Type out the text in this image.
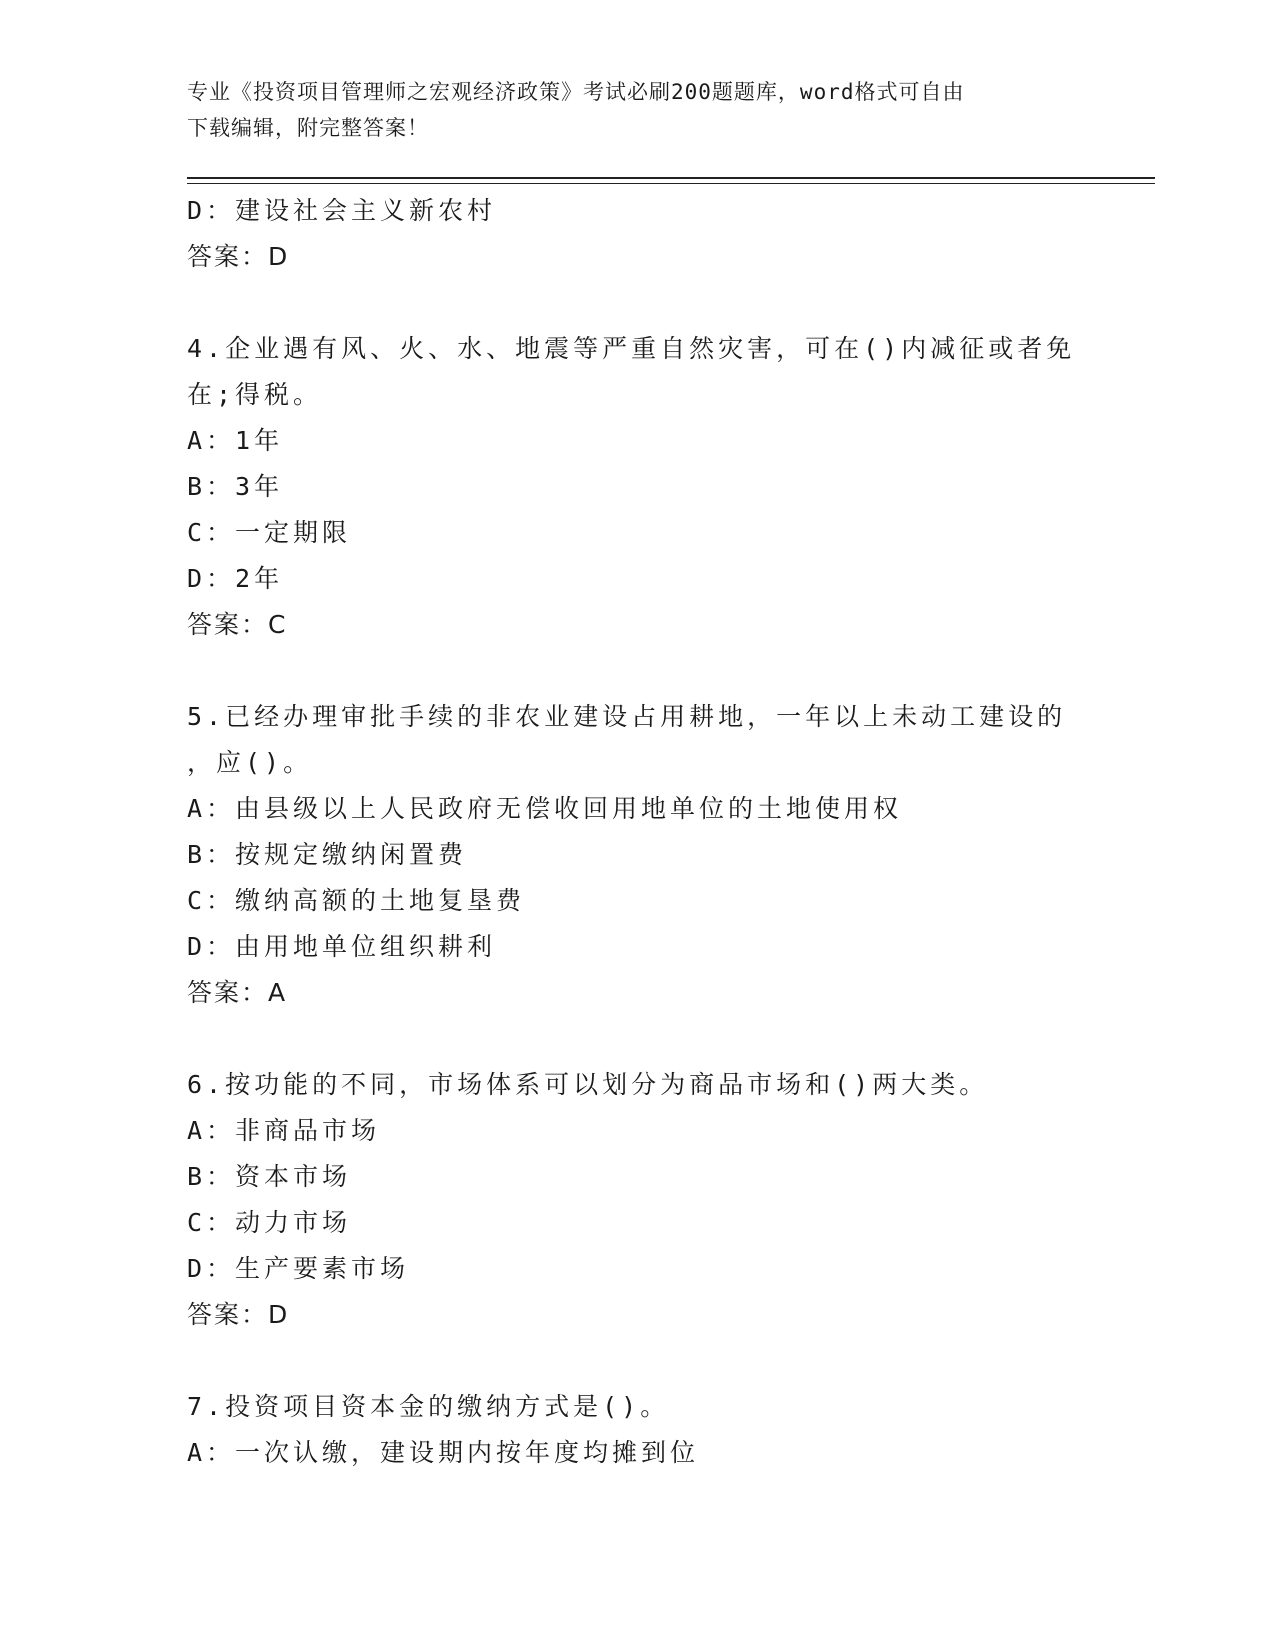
专业《投资项目管理师之宏观经济政策》考试必刷200题题库，word格式可自由
下载编辑，附完整答案！
D：建设社会主义新农村
答案：D
4.企业遇有风、火、水、地震等严重自然灾害，可在()内减征或者免
在;得税。
A：1年
B：3年
C：一定期限
D：2年
答案：C
5.已经办理审批手续的非农业建设占用耕地，一年以上未动工建设的
，应()。
A：由县级以上人民政府无偿收回用地单位的土地使用权
B：按规定缴纳闲置费
C：缴纳高额的土地复垦费
D：由用地单位组织耕利
答案：A
6.按功能的不同，市场体系可以划分为商品市场和()两大类。
A：非商品市场
B：资本市场
C：动力市场
D：生产要素市场
答案：D
7.投资项目资本金的缴纳方式是()。
A：一次认缴，建设期内按年度均摊到位
